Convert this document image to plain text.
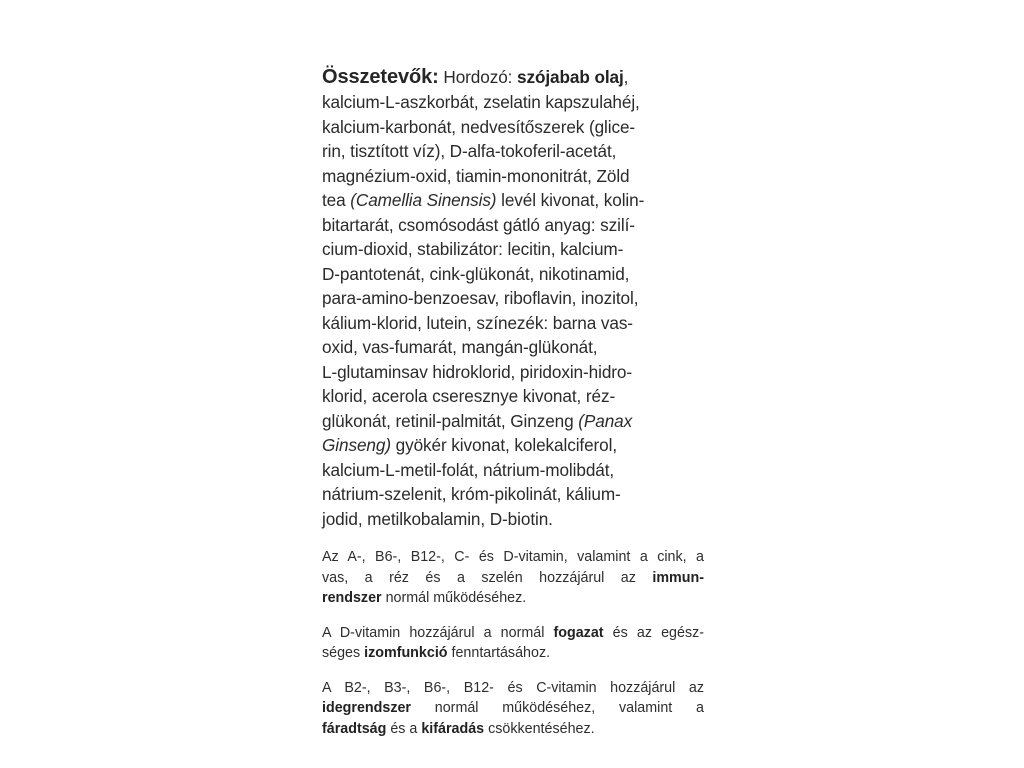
Összetevők: Hordozó: szójabab olaj,
kalcium-L-aszkorbát, zselatin kapszulahéj,
kalcium-karbonát, nedvesítőszerek (glice-
rin, tisztított víz), D-alfa-tokoferil-acetát,
magnézium-oxid, tiamin-mononitrát, Zöld
tea (Camellia Sinensis) levél kivonat, kolin-
bitartarát, csomósodást gátló anyag: szilí-
cium-dioxid, stabilizátor: lecitin, kalcium-
D-pantotenát, cink-glükonát, nikotinamid,
para-amino-benzoesav, riboflavin, inozitol,
kálium-klorid, lutein, színezék: barna vas-
oxid, vas-fumarát, mangán-glükonát,
L-glutaminsav hidroklorid, piridoxin-hidro-
klorid, acerola cseresznye kivonat, réz-
glükonát, retinil-palmitát, Ginzeng (Panax
Ginseng) gyökér kivonat, kolekalciferol,
kalcium-L-metil-folát, nátrium-molibdát,
nátrium-szelenit, króm-pikolinát, kálium-
jodid, metilkobalamin, D-biotin.
Az A-, B6-, B12-, C- és D-vitamin, valamint a cink, a
vas, a réz és a szelén hozzájárul az immun-
rendszer normál működéséhez.
A D-vitamin hozzájárul a normál fogazat és az egész-
séges izomfunkció fenntartásához.
A B2-, B3-, B6-, B12- és C-vitamin hozzájárul az
idegrendszer normál működéséhez, valamint a
fáradtság és a kifáradás csökkentéséhez.
